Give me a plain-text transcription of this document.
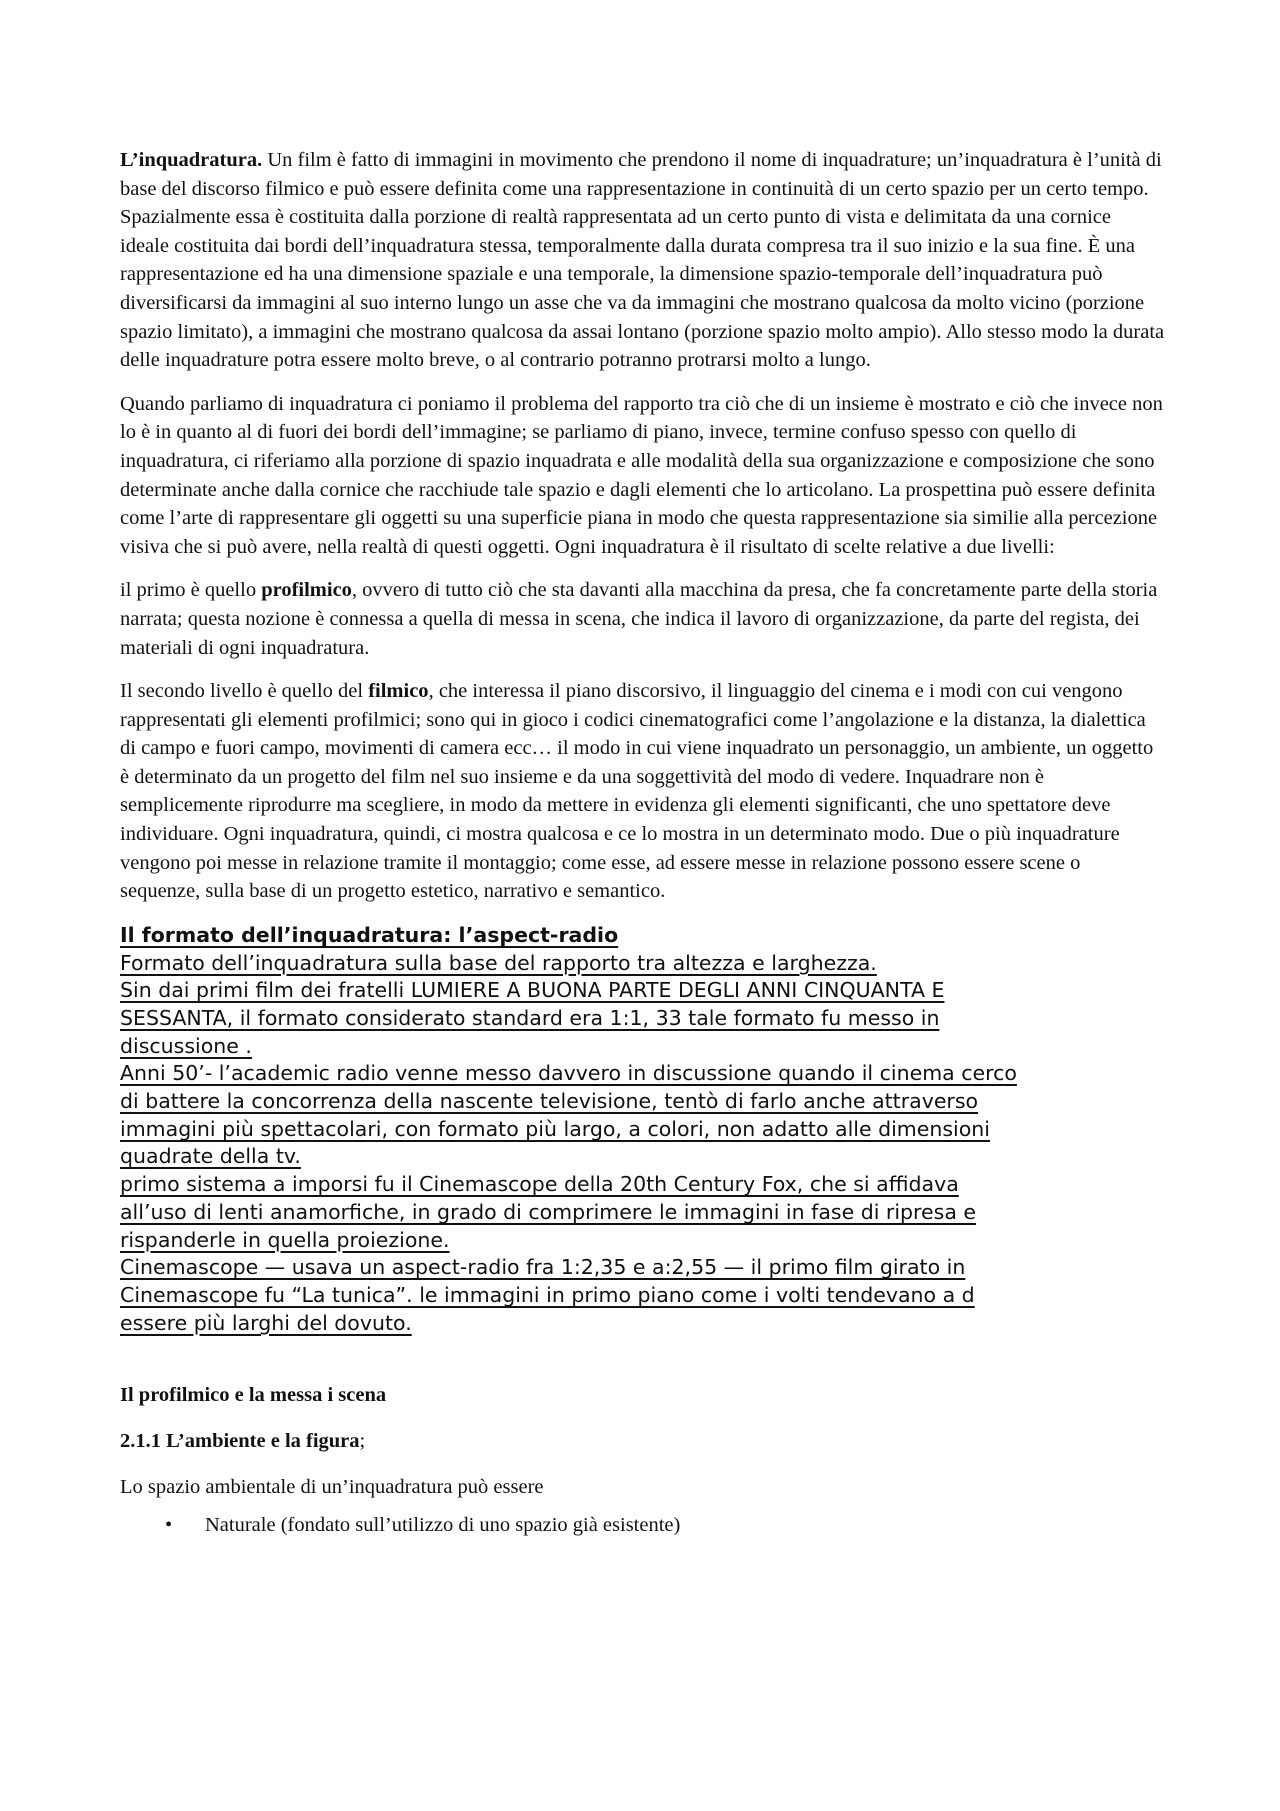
L’inquadratura. Un film è fatto di immagini in movimento che prendono il nome di inquadrature; un’inquadratura è l’unità di base del discorso filmico e può essere definita come una rappresentazione in continuità di un certo spazio per un certo tempo. Spazialmente essa è costituita dalla porzione di realtà rappresentata ad un certo punto di vista e delimitata da una cornice ideale costituita dai bordi dell’inquadratura stessa, temporalmente dalla durata compresa tra il suo inizio e la sua fine. È una rappresentazione ed ha una dimensione spaziale e una temporale, la dimensione spazio-temporale dell’inquadratura può diversificarsi da immagini al suo interno lungo un asse che va da immagini che mostrano qualcosa da molto vicino (porzione spazio limitato), a immagini che mostrano qualcosa da assai lontano (porzione spazio molto ampio). Allo stesso modo la durata delle inquadrature potra essere molto breve, o al contrario potranno protrarsi molto a lungo.

Quando parliamo di inquadratura ci poniamo il problema del rapporto tra ciò che di un insieme è mostrato e ciò che invece non lo è in quanto al di fuori dei bordi dell’immagine; se parliamo di piano, invece, termine confuso spesso con quello di inquadratura, ci riferiamo alla porzione di spazio inquadrata e alle modalità della sua organizzazione e composizione che sono determinate anche dalla cornice che racchiude tale spazio e dagli elementi che lo articolano. La prospettina può essere definita come l’arte di rappresentare gli oggetti su una superficie piana in modo che questa rappresentazione sia similie alla percezione visiva che si può avere, nella realtà di questi oggetti. Ogni inquadratura è il risultato di scelte relative a due livelli:

il primo è quello profilmico, ovvero di tutto ciò che sta davanti alla macchina da presa, che fa concretamente parte della storia narrata; questa nozione è connessa a quella di messa in scena, che indica il lavoro di organizzazione, da parte del regista, dei materiali di ogni inquadratura.

Il secondo livello è quello del filmico, che interessa il piano discorsivo, il linguaggio del cinema e i modi con cui vengono rappresentati gli elementi profilmici; sono qui in gioco i codici cinematografici come l’angolazione e la distanza, la dialettica di campo e fuori campo, movimenti di camera ecc… il modo in cui viene inquadrato un personaggio, un ambiente, un oggetto è determinato da un progetto del film nel suo insieme e da una soggettività del modo di vedere. Inquadrare non è semplicemente riprodurre ma scegliere, in modo da mettere in evidenza gli elementi significanti, che uno spettatore deve individuare. Ogni inquadratura, quindi, ci mostra qualcosa e ce lo mostra in un determinato modo. Due o più inquadrature vengono poi messe in relazione tramite il montaggio; come esse, ad essere messe in relazione possono essere scene o sequenze, sulla base di un progetto estetico, narrativo e semantico.

Il formato dell’inquadratura: l’aspect-radio
Formato dell’inquadratura sulla base del rapporto tra altezza e larghezza.
Sin dai primi film dei fratelli LUMIERE A BUONA PARTE DEGLI ANNI CINQUANTA E
SESSANTA, il formato considerato standard era 1:1, 33 tale formato fu messo in
discussione .
Anni 50’- l’academic radio venne messo davvero in discussione quando il cinema cerco
di battere la concorrenza della nascente televisione, tentò di farlo anche attraverso
immagini più spettacolari, con formato più largo, a colori, non adatto alle dimensioni
quadrate della tv.
primo sistema a imporsi fu il Cinemascope della 20th Century Fox, che si affidava
all’uso di lenti anamorfiche, in grado di comprimere le immagini in fase di ripresa e
rispanderle in quella proiezione.
Cinemascope — usava un aspect-radio fra 1:2,35 e a:2,55 — il primo film girato in
Cinemascope fu “La tunica”. le immagini in primo piano come i volti tendevano a d
essere più larghi del dovuto.

Il profilmico e la messa i scena

2.1.1 L’ambiente e la figura;

Lo spazio ambientale di un’inquadratura può essere

• Naturale (fondato sull’utilizzo di uno spazio già esistente)
